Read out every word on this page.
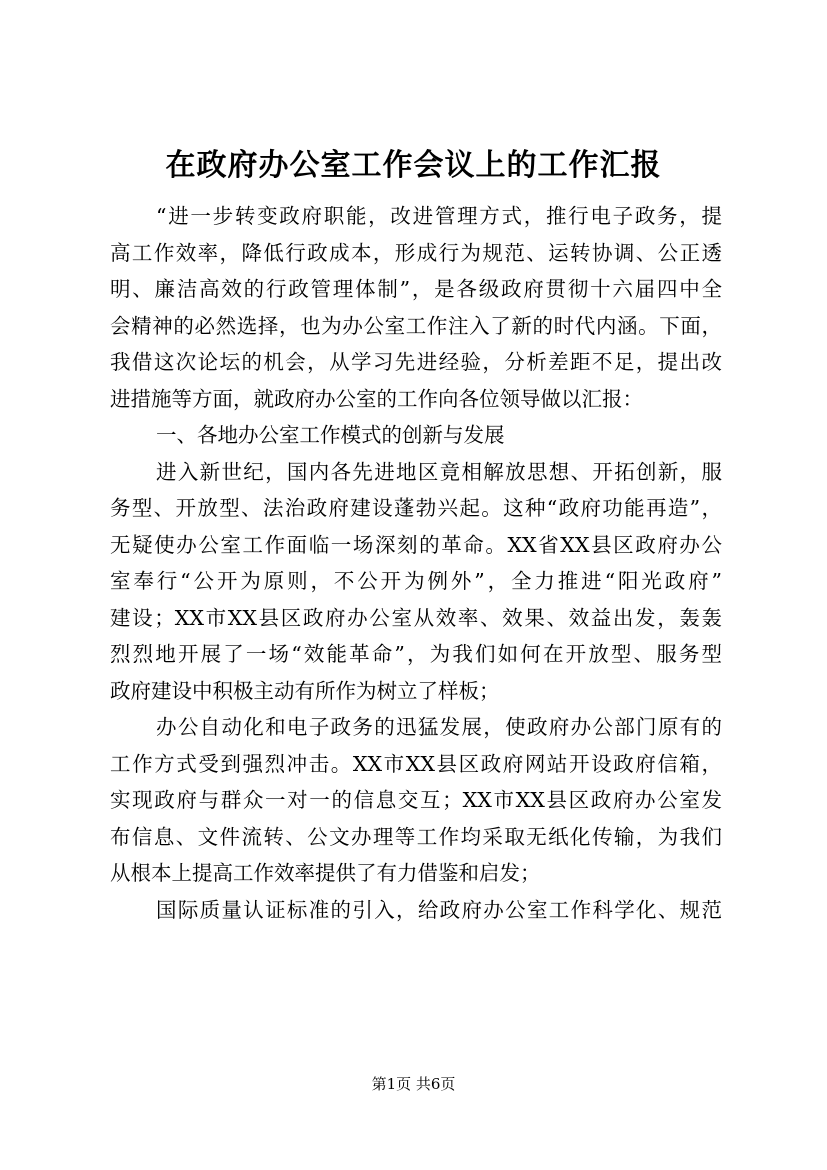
在政府办公室工作会议上的工作汇报
“进一步转变政府职能，改进管理方式，推行电子政务，提
高工作效率，降低行政成本，形成行为规范、运转协调、公正透
明、廉洁高效的行政管理体制”，是各级政府贯彻十六届四中全
会精神的必然选择，也为办公室工作注入了新的时代内涵。下面，
我借这次论坛的机会，从学习先进经验，分析差距不足，提出改
进措施等方面，就政府办公室的工作向各位领导做以汇报：
一、各地办公室工作模式的创新与发展
进入新世纪，国内各先进地区竟相解放思想、开拓创新，服
务型、开放型、法治政府建设蓬勃兴起。这种“政府功能再造”，
无疑使办公室工作面临一场深刻的革命。XX省XX县区政府办公
室奉行“公开为原则，不公开为例外”，全力推进“阳光政府”
建设；XX市XX县区政府办公室从效率、效果、效益出发，轰轰
烈烈地开展了一场“效能革命”，为我们如何在开放型、服务型
政府建设中积极主动有所作为树立了样板；
办公自动化和电子政务的迅猛发展，使政府办公部门原有的
工作方式受到强烈冲击。XX市XX县区政府网站开设政府信箱，
实现政府与群众一对一的信息交互；XX市XX县区政府办公室发
布信息、文件流转、公文办理等工作均采取无纸化传输，为我们
从根本上提高工作效率提供了有力借鉴和启发；
国际质量认证标准的引入，给政府办公室工作科学化、规范
第1页 共6页
